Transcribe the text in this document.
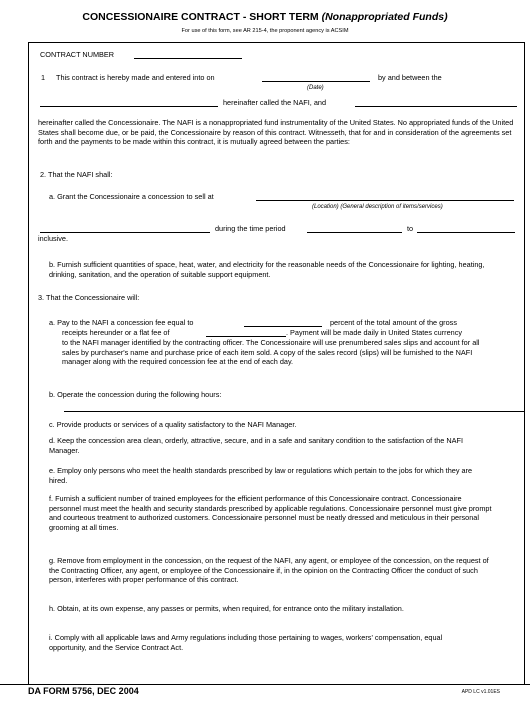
CONCESSIONAIRE CONTRACT - SHORT TERM (Nonappropriated Funds)
For use of this form, see AR 215-4, the proponent agency is ACSIM
CONTRACT NUMBER
1 This contract is hereby made and entered into on	by and between the
(Date)
hereinafter called the NAFI, and
hereinafter called the Concessionaire. The NAFI is a nonappropriated fund instrumentality of the United States. No appropriated funds of the United States shall become due, or be paid, the Concessionaire by reason of this contract. Witnesseth, that for and in consideration of the agreements set forth and the payments to be made within this contract, it is mutually agreed between the parties:
2. That the NAFI shall:
a. Grant the Concessionaire a concession to sell at
(Location) (General description of items/services)
during the time period	to
inclusive.
b. Furnish sufficient quantities of space, heat, water, and electricity for the reasonable needs of the Concessionaire for lighting, heating, drinking, sanitation, and the operation of suitable support equipment.
3. That the Concessionaire will:
a. Pay to the NAFI a concession fee equal to	percent of the total amount of the gross
receipts hereunder or a flat fee of	. Payment will be made daily in United States currency
to the NAFI manager identified by the contracting officer. The Concessionaire will use prenumbered sales slips and account for all sales by purchaser's name and purchase price of each item sold. A copy of the sales record (slips) will be furnished to the NAFI manager along with the required concession fee at the end of each day.
b. Operate the concession during the following hours:
c. Provide products or services of a quality satisfactory to the NAFI Manager.
d. Keep the concession area clean, orderly, attractive, secure, and in a safe and sanitary condition to the satisfaction of the NAFI Manager.
e. Employ only persons who meet the health standards prescribed by law or regulations which pertain to the jobs for which they are hired.
f. Furnish a sufficient number of trained employees for the efficient performance of this Concessionaire contract. Concessionaire personnel must meet the health and security standards prescribed by applicable regulations. Concessionaire personnel must give prompt and courteous treatment to authorized customers. Concessionaire personnel must be neatly dressed and meticulous in their personal grooming at all times.
g. Remove from employment in the concession, on the request of the NAFI, any agent, or employee of the concession, on the request of the Contracting Officer, any agent, or employee of the Concessionaire if, in the opinion on the Contracting Officer the conduct of such person, interferes with proper performance of this contract.
h. Obtain, at its own expense, any passes or permits, when required, for entrance onto the military installation.
i. Comply with all applicable laws and Army regulations including those pertaining to wages, workers' compensation, equal opportunity, and the Service Contract Act.
DA FORM 5756, DEC 2004	APD LC v1.01ES
